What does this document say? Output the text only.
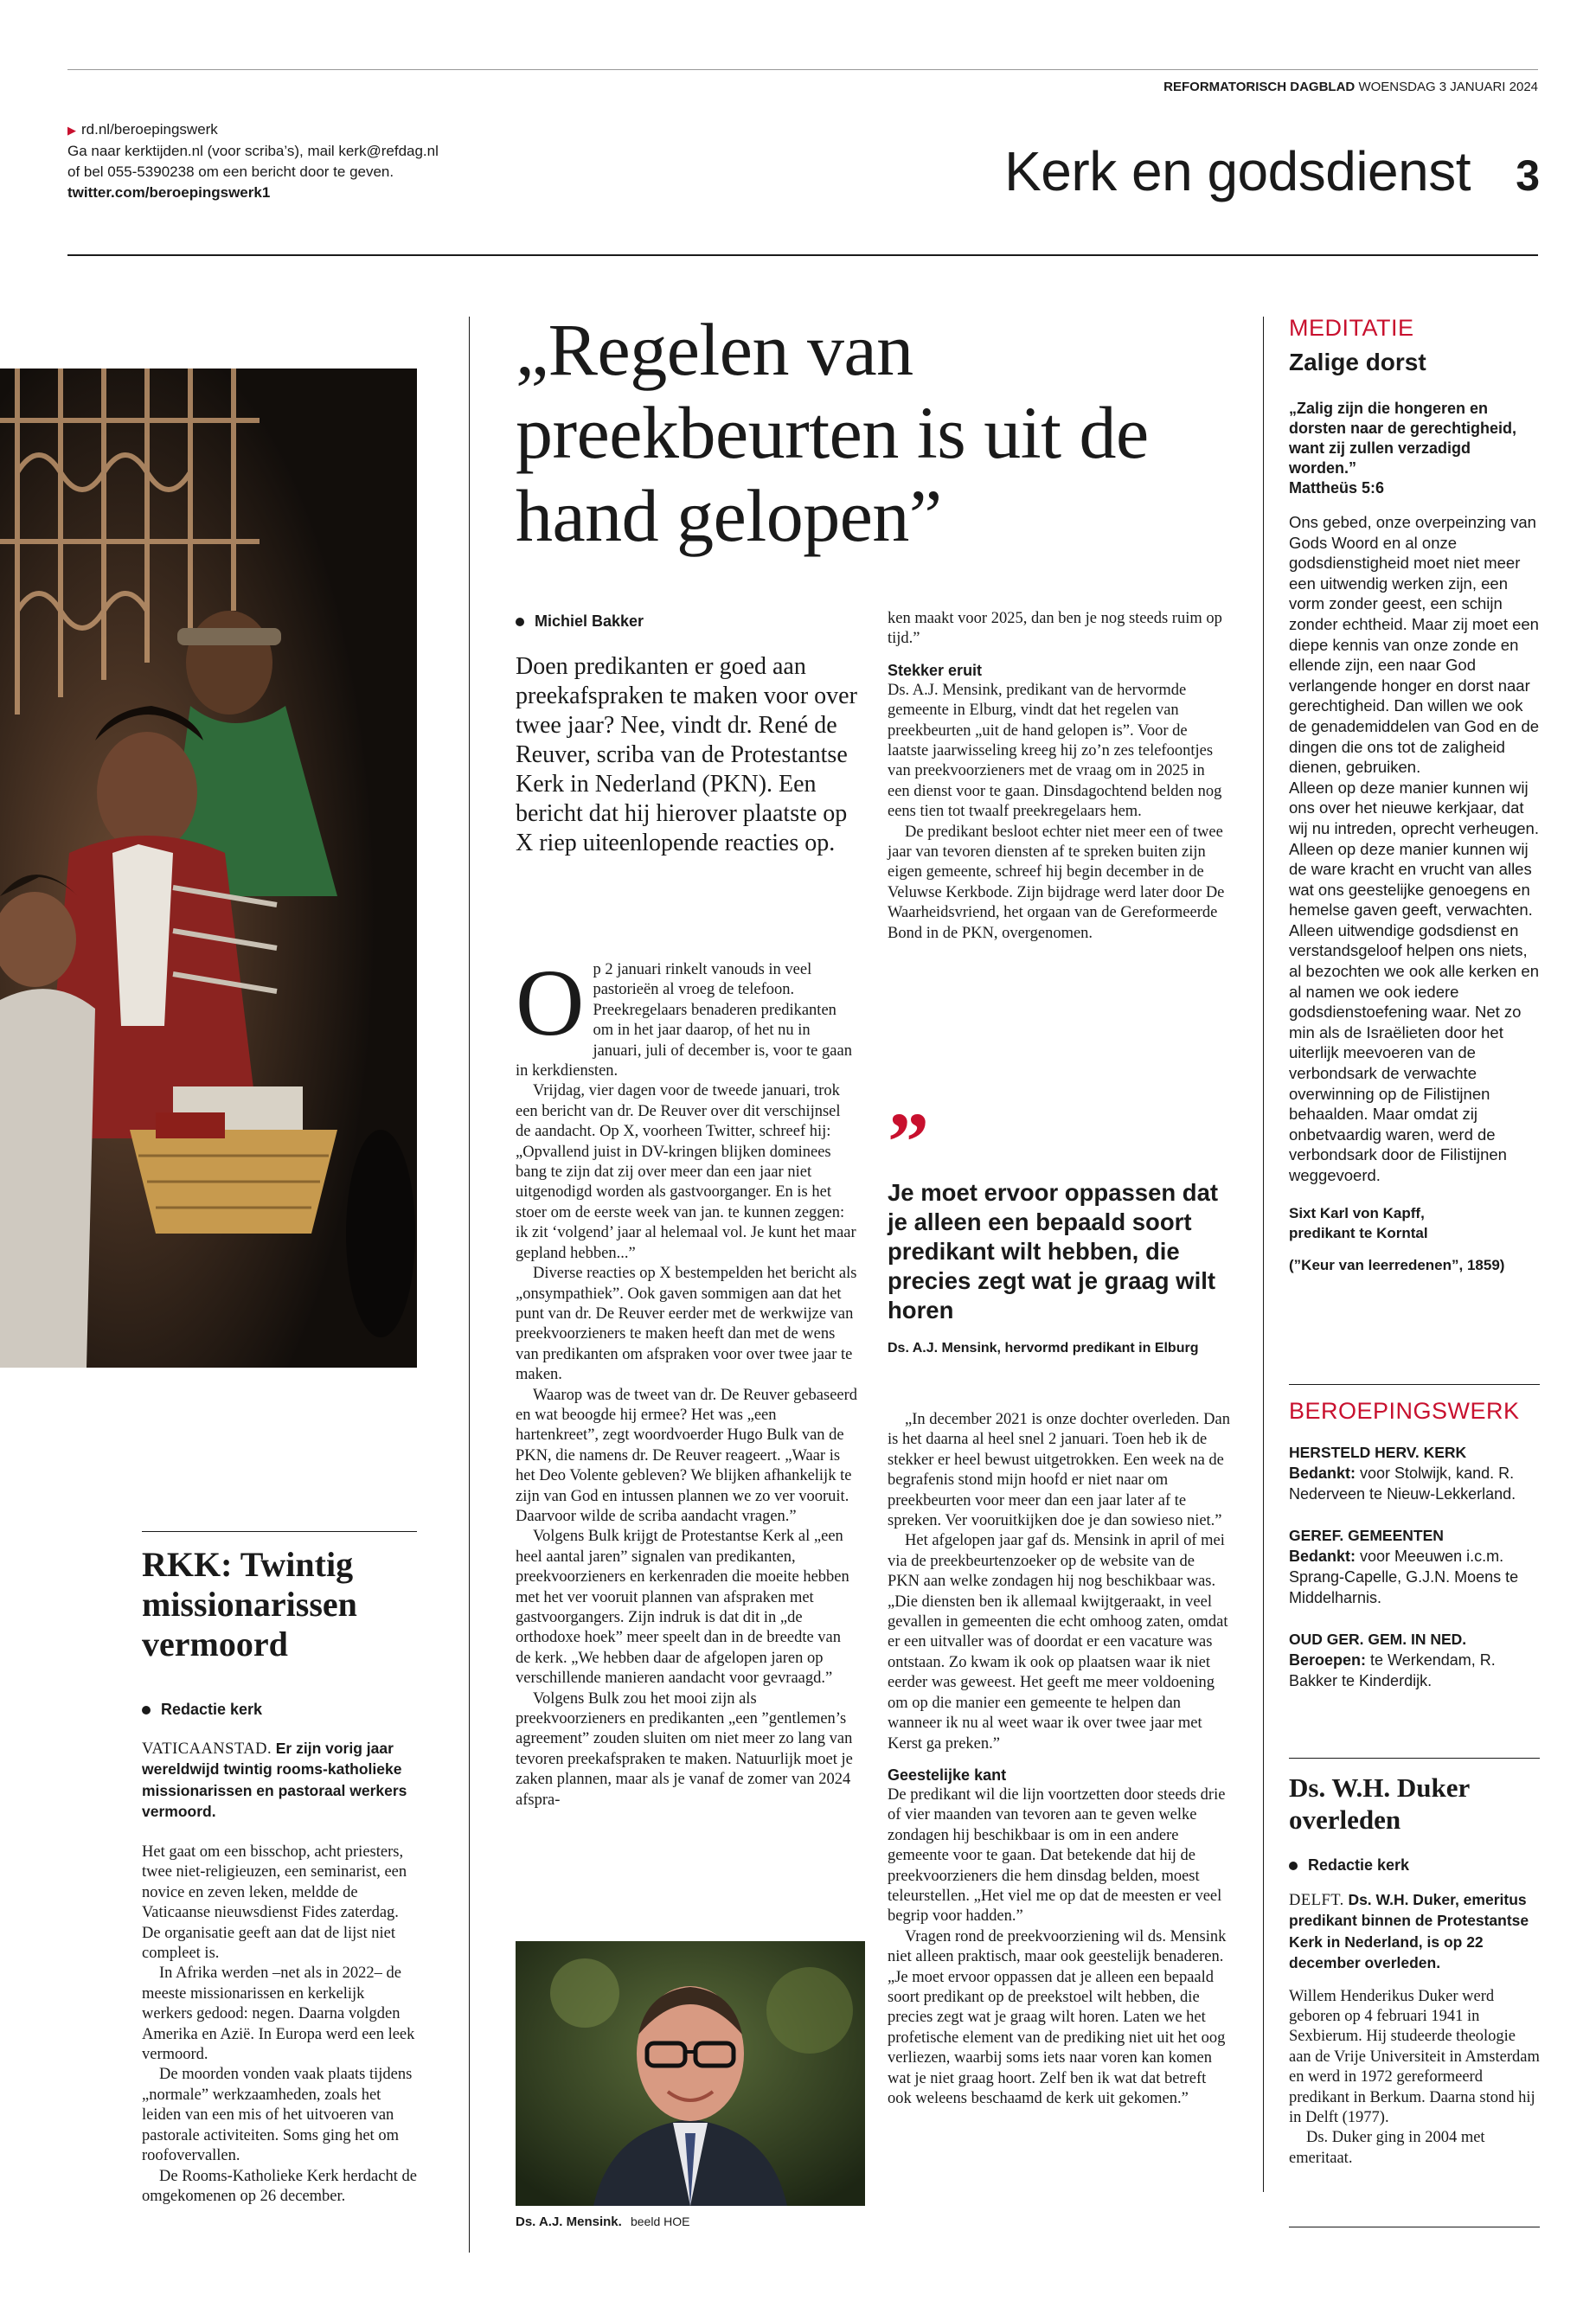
REFORMATORISCH DAGBLAD WOENSDAG 3 JANUARI 2024
▶ rd.nl/beroepingswerk
Ga naar kerktijden.nl (voor scriba’s), mail kerk@refdag.nl
of bel 055-5390238 om een bericht door te geven.
twitter.com/beroepingswerk1	Kerk en godsdienst	3
„Regelen van preekbeurten is uit de hand gelopen”
Michiel Bakker
Doen predikanten er goed aan preekafspraken te maken voor over twee jaar? Nee, vindt dr. René de Reuver, scriba van de Protestantse Kerk in Nederland (PKN). Een bericht dat hij hierover plaatste op X riep uiteenlopende reacties op.

Op 2 januari rinkelt vanouds in veel pastorieën al vroeg de telefoon. Preekregelaars benaderen predikanten om in het jaar daarop, of het nu in januari, juli of december is, voor te gaan in kerkdiensten.

Vrijdag, vier dagen voor de tweede januari, trok een bericht van dr. De Reuver over dit verschijnsel de aandacht. Op X, voorheen Twitter, schreef hij: „Opvallend juist in DV-kringen blijken dominees bang te zijn dat zij over meer dan een jaar niet uitgenodigd worden als gastvoorganger. En is het stoer om de eerste week van jan. te kunnen zeggen: ik zit ‘volgend’ jaar al helemaal vol. Je kunt het maar gepland hebben...”

Diverse reacties op X bestempelden het bericht als „onsympathiek”. Ook gaven sommigen aan dat het punt van dr. De Reuver eerder met de werkwijze van preekvoorzieners te maken heeft dan met de wens van predikanten om afspraken voor over twee jaar te maken.

Waarop was de tweet van dr. De Reuver gebaseerd en wat beoogde hij ermee? Het was „een hartenkreet”, zegt woordvoerder Hugo Bulk van de PKN, die namens dr. De Reuver reageert. „Waar is het Deo Volente gebleven? We blijken afhankelijk te zijn van God en intussen plannen we zo ver vooruit. Daarvoor wilde de scriba aandacht vragen.”

Volgens Bulk krijgt de Protestantse Kerk al „een heel aantal jaren” signalen van predikanten, preekvoorzieners en kerkenraden die moeite hebben met het ver vooruit plannen van afspraken met gastvoorgangers. Zijn indruk is dat dit in „de orthodoxe hoek” meer speelt dan in de breedte van de kerk. „We hebben daar de afgelopen jaren op verschillende manieren aandacht voor gevraagd.”

Volgens Bulk zou het mooi zijn als preekvoorzieners en predikanten „een ”gentlemen’s agreement” zouden sluiten om niet meer zo lang van tevoren preekafspraken te maken. Natuurlijk moet je zaken plannen, maar als je vanaf de zomer van 2024 afspra-

Ds. A.J. Mensink. beeld HOE

ken maakt voor 2025, dan ben je nog steeds ruim op tijd.”

Stekker eruit

Ds. A.J. Mensink, predikant van de hervormde gemeente in Elburg, vindt dat het regelen van preekbeurten „uit de hand gelopen is”. Voor de laatste jaarwisseling kreeg hij zo’n zes telefoontjes van preekvoorzieners met de vraag om in 2025 in een dienst voor te gaan. Dinsdagochtend belden nog eens tien tot twaalf preekregelaars hem.

De predikant besloot echter niet meer een of twee jaar van tevoren diensten af te spreken buiten zijn eigen gemeente, schreef hij begin december in de Veluwse Kerkbode. Zijn bijdrage werd later door De Waarheidsvriend, het orgaan van de Gereformeerde Bond in de PKN, overgenomen.

”
Je moet ervoor oppassen dat je alleen een bepaald soort predikant wilt hebben, die precies zegt wat je graag wilt horen
Ds. A.J. Mensink, hervormd predikant in Elburg

„In december 2021 is onze dochter overleden. Dan is het daarna al heel snel 2 januari. Toen heb ik de stekker er heel bewust uitgetrokken. Een week na de begrafenis stond mijn hoofd er niet naar om preekbeurten voor meer dan een jaar later af te spreken. Ver vooruitkijken doe je dan sowieso niet.”

Het afgelopen jaar gaf ds. Mensink in april of mei via de preekbeurtenzoeker op de website van de PKN aan welke zondagen hij nog beschikbaar was. „Die diensten ben ik allemaal kwijtgeraakt, in veel gevallen in gemeenten die echt omhoog zaten, omdat er een uitvaller was of doordat er een vacature was ontstaan. Zo kwam ik ook op plaatsen waar ik niet eerder was geweest. Het geeft me meer voldoening om op die manier een gemeente te helpen dan wanneer ik nu al weet waar ik over twee jaar met Kerst ga preken.”

Geestelijke kant

De predikant wil die lijn voortzetten door steeds drie of vier maanden van tevoren aan te geven welke zondagen hij beschikbaar is om in een andere gemeente voor te gaan. Dat betekende dat hij de preekvoorzieners die hem dinsdag belden, moest teleurstellen. „Het viel me op dat de meesten er veel begrip voor hadden.”

Vragen rond de preekvoorziening wil ds. Mensink niet alleen praktisch, maar ook geestelijk benaderen. „Je moet ervoor oppassen dat je alleen een bepaald soort predikant op de preekstoel wilt hebben, die precies zegt wat je graag wilt horen. Laten we het profetische element van de prediking niet uit het oog verliezen, waarbij soms iets naar voren kan komen wat je niet graag hoort. Zelf ben ik wat dat betreft ook weleens beschaamd de kerk uit gekomen.”

RKK: Twintig missionarissen vermoord
Redactie kerk
VATICAANSTAD. Er zijn vorig jaar wereldwijd twintig rooms-katholieke missionarissen en pastoraal werkers vermoord.

Het gaat om een bisschop, acht priesters, twee niet-religieuzen, een seminarist, een novice en zeven leken, meldde de Vaticaanse nieuwsdienst Fides zaterdag. De organisatie geeft aan dat de lijst niet compleet is.

In Afrika werden –net als in 2022– de meeste missionarissen en kerkelijk werkers gedood: negen. Daarna volgden Amerika en Azië. In Europa werd een leek vermoord.

De moorden vonden vaak plaats tijdens „normale” werkzaamheden, zoals het leiden van een mis of het uitvoeren van pastorale activiteiten. Soms ging het om roofovervallen.

De Rooms-Katholieke Kerk herdacht de omgekomenen op 26 december.

MEDITATIE
Zalige dorst
„Zalig zijn die hongeren en dorsten naar de gerechtigheid, want zij zullen verzadigd worden.”
Mattheüs 5:6
Ons gebed, onze overpeinzing van Gods Woord en al onze godsdienstigheid moet niet meer een uitwendig werken zijn, een vorm zonder geest, een schijn zonder echtheid. Maar zij moet een diepe kennis van onze zonde en ellende zijn, een naar God verlangende honger en dorst naar gerechtigheid. Dan willen we ook de genademiddelen van God en de dingen die ons tot de zaligheid dienen, gebruiken.
Alleen op deze manier kunnen wij ons over het nieuwe kerkjaar, dat wij nu intreden, oprecht verheugen. Alleen op deze manier kunnen wij de ware kracht en vrucht van alles wat ons geestelijke genoegens en hemelse gaven geeft, verwachten. Alleen uitwendige godsdienst en verstandsgeloof helpen ons niets, al bezochten we ook alle kerken en al namen we ook iedere godsdienstoefening waar. Net zo min als de Israëlieten door het uiterlijk meevoeren van de verbondsark de verwachte overwinning op de Filistijnen behaalden. Maar omdat zij onbetvaardig waren, werd de verbondsark door de Filistijnen weggevoerd.
Sixt Karl von Kapff,
predikant te Korntal
(”Keur van leerredenen”, 1859)
BEROEPINGSWERK
HERSTELD HERV. KERK
Bedankt: voor Stolwijk, kand. R. Nederveen te Nieuw-Lekkerland.
GEREF. GEMEENTEN
Bedankt: voor Meeuwen i.c.m. Sprang-Capelle, G.J.N. Moens te Middelharnis.
OUD GER. GEM. IN NED.
Beroepen: te Werkendam, R. Bakker te Kinderdijk.
Ds. W.H. Duker overleden
Redactie kerk
DELFT. Ds. W.H. Duker, emeritus predikant binnen de Protestantse Kerk in Nederland, is op 22 december overleden.

Willem Henderikus Duker werd geboren op 4 februari 1941 in Sexbierum. Hij studeerde theologie aan de Vrije Universiteit in Amsterdam en werd in 1972 gereformeerd predikant in Berkum. Daarna stond hij in Delft (1977).

Ds. Duker ging in 2004 met emeritaat.
